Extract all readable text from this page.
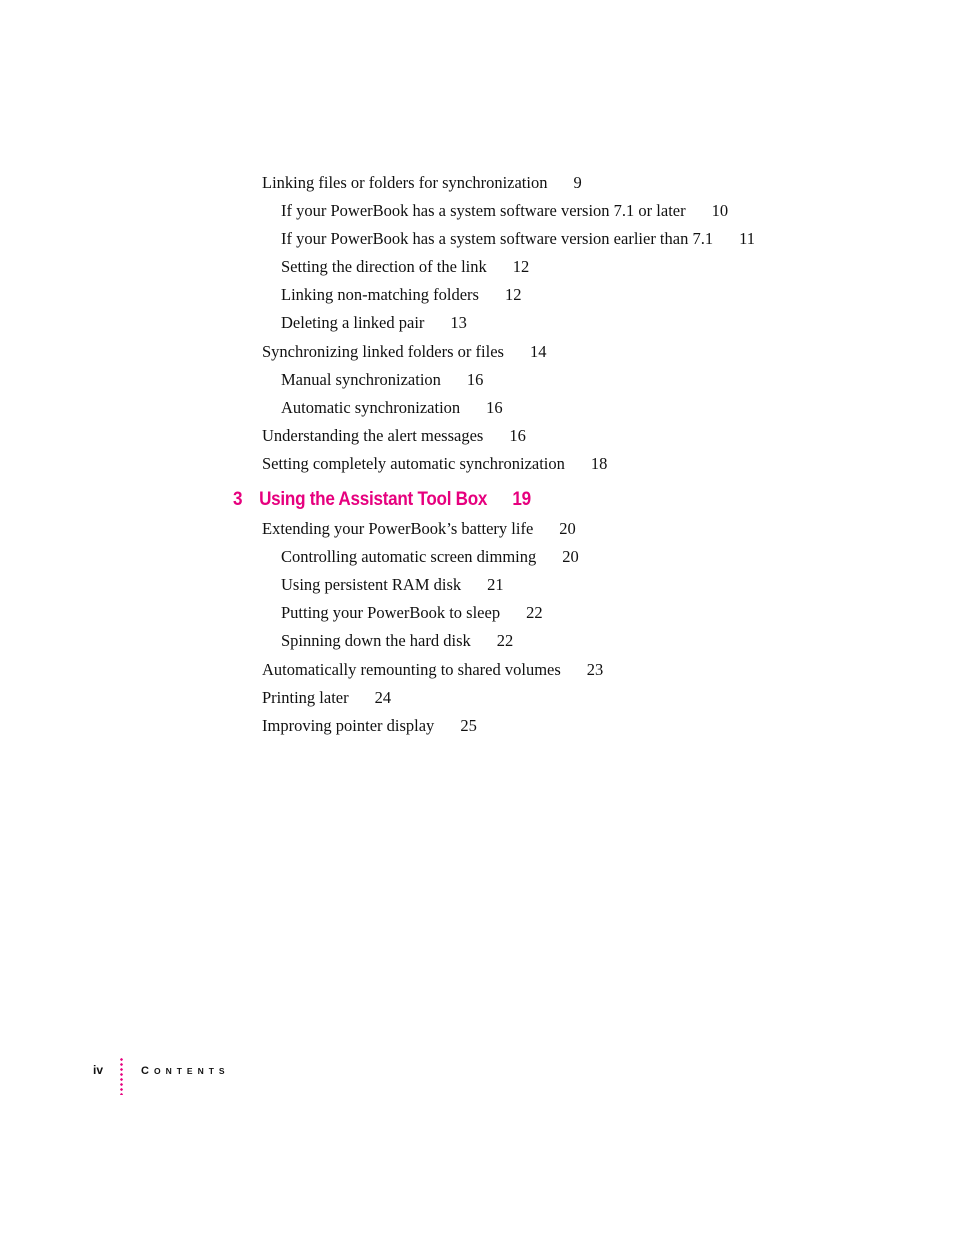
Linking files or folders for synchronization 9
If your PowerBook has a system software version 7.1 or later 10
If your PowerBook has a system software version earlier than 7.1 11
Setting the direction of the link 12
Linking non-matching folders 12
Deleting a linked pair 13
Synchronizing linked folders or files 14
Manual synchronization 16
Automatic synchronization 16
Understanding the alert messages 16
Setting completely automatic synchronization 18
3 Using the Assistant Tool Box 19
Extending your PowerBook’s battery life 20
Controlling automatic screen dimming 20
Using persistent RAM disk 21
Putting your PowerBook to sleep 22
Spinning down the hard disk 22
Automatically remounting to shared volumes 23
Printing later 24
Improving pointer display 25
iv	CONTENTS
